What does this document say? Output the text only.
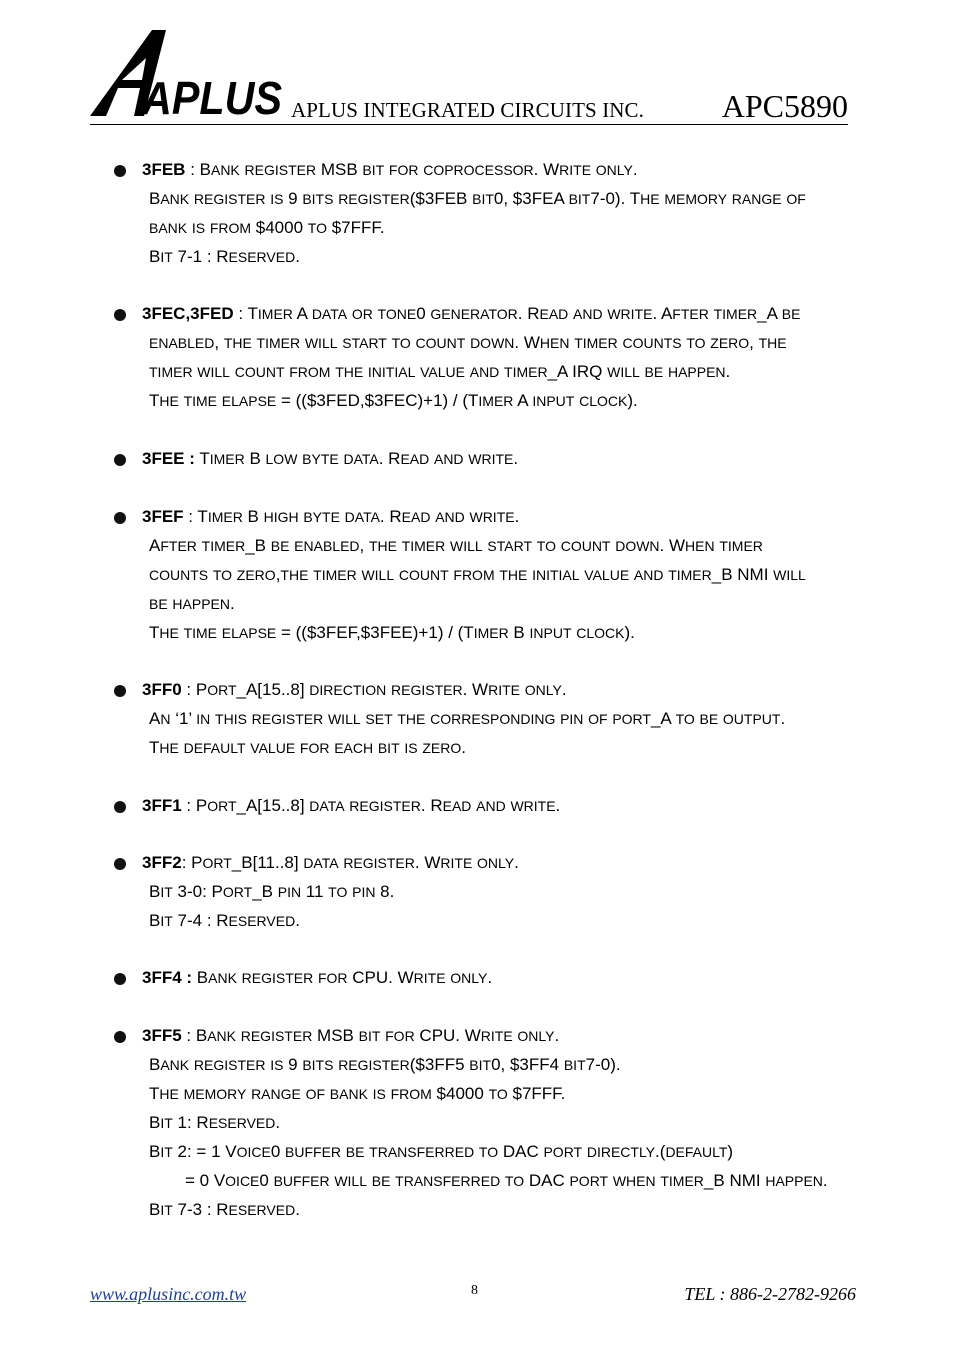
APLUS APLUS INTEGRATED CIRCUITS INC. APC5890
3FEB : BANK REGISTER MSB BIT FOR COPROCESSOR. WRITE ONLY.
BANK REGISTER IS 9 BITS REGISTER($3FEB BIT0, $3FEA BIT7-0). THE MEMORY RANGE OF
BANK IS FROM $4000 TO $7FFF.
BIT 7-1 : RESERVED.
3FEC,3FED : TIMER A DATA OR TONE0 GENERATOR. READ AND WRITE. AFTER TIMER_A BE
ENABLED, THE TIMER WILL START TO COUNT DOWN. WHEN TIMER COUNTS TO ZERO, THE
TIMER WILL COUNT FROM THE INITIAL VALUE AND TIMER_A IRQ WILL BE HAPPEN.
THE TIME ELAPSE = (($3FED,$3FEC)+1) / (TIMER A INPUT CLOCK).
3FEE : TIMER B LOW BYTE DATA. READ AND WRITE.
3FEF : TIMER B HIGH BYTE DATA. READ AND WRITE.
AFTER TIMER_B BE ENABLED, THE TIMER WILL START TO COUNT DOWN. WHEN TIMER
COUNTS TO ZERO,THE TIMER WILL COUNT FROM THE INITIAL VALUE AND TIMER_B NMI WILL
BE HAPPEN.
THE TIME ELAPSE = (($3FEF,$3FEE)+1) / (TIMER B INPUT CLOCK).
3FF0 : PORT_A[15..8] DIRECTION REGISTER. WRITE ONLY.
AN ‘1’ IN THIS REGISTER WILL SET THE CORRESPONDING PIN OF PORT_A TO BE OUTPUT.
THE DEFAULT VALUE FOR EACH BIT IS ZERO.
3FF1 : PORT_A[15..8] DATA REGISTER. READ AND WRITE.
3FF2: PORT_B[11..8] DATA REGISTER. WRITE ONLY.
BIT 3-0: PORT_B PIN 11 TO PIN 8.
BIT 7-4 : RESERVED.
3FF4 : BANK REGISTER FOR CPU. WRITE ONLY.
3FF5 : BANK REGISTER MSB BIT FOR CPU. WRITE ONLY.
BANK REGISTER IS 9 BITS REGISTER($3FF5 BIT0, $3FF4 BIT7-0).
THE MEMORY RANGE OF BANK IS FROM $4000 TO $7FFF.
BIT 1: RESERVED.
BIT 2: = 1 VOICE0 BUFFER BE TRANSFERRED TO DAC PORT DIRECTLY.(DEFAULT)
= 0 VOICE0 BUFFER WILL BE TRANSFERRED TO DAC PORT WHEN TIMER_B NMI HAPPEN.
BIT 7-3 : RESERVED.
www.aplusinc.com.tw	8	TEL : 886-2-2782-9266
